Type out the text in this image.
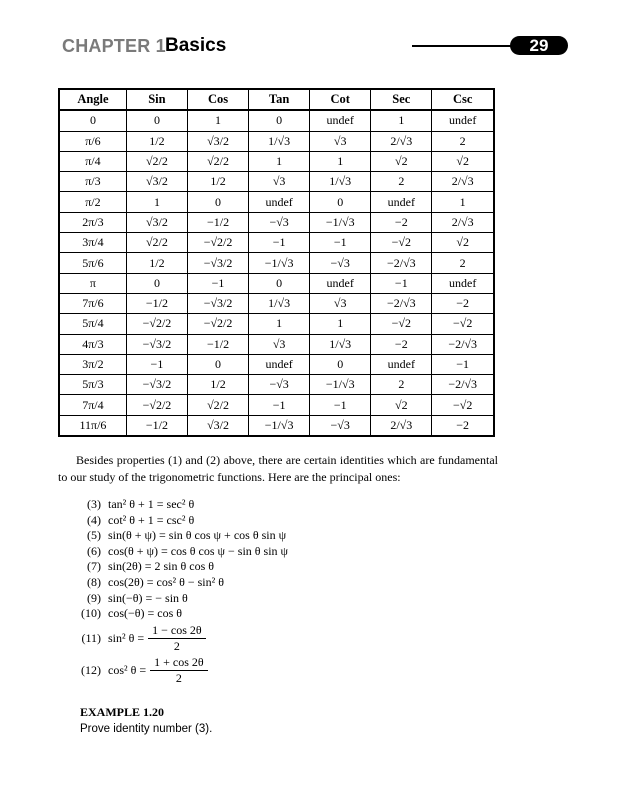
CHAPTER 1 Basics	29
Angle	Sin	Cos	Tan	Cot	Sec	Csc
0	0	1	0	undef	1	undef
π/6	1/2	√3/2	1/√3	√3	2/√3	2
π/4	√2/2	√2/2	1	1	√2	√2
π/3	√3/2	1/2	√3	1/√3	2	2/√3
π/2	1	0	undef	0	undef	1
2π/3	√3/2	−1/2	−√3	−1/√3	−2	2/√3
3π/4	√2/2	−√2/2	−1	−1	−√2	√2
5π/6	1/2	−√3/2	−1/√3	−√3	−2/√3	2
π	0	−1	0	undef	−1	undef
7π/6	−1/2	−√3/2	1/√3	√3	−2/√3	−2
5π/4	−√2/2	−√2/2	1	1	−√2	−√2
4π/3	−√3/2	−1/2	√3	1/√3	−2	−2/√3
3π/2	−1	0	undef	0	undef	−1
5π/3	−√3/2	1/2	−√3	−1/√3	2	−2/√3
7π/4	−√2/2	√2/2	−1	−1	√2	−√2
11π/6	−1/2	√3/2	−1/√3	−√3	2/√3	−2
Besides properties (1) and (2) above, there are certain identities which are fundamental to our study of the trigonometric functions. Here are the principal ones:
(3) tan² θ + 1 = sec² θ
(4) cot² θ + 1 = csc² θ
(5) sin(θ + ψ) = sin θ cos ψ + cos θ sin ψ
(6) cos(θ + ψ) = cos θ cos ψ − sin θ sin ψ
(7) sin(2θ) = 2 sin θ cos θ
(8) cos(2θ) = cos² θ − sin² θ
(9) sin(−θ) = − sin θ
(10) cos(−θ) = cos θ
(11) sin² $\theta = \frac{1 - \cos 2\theta}{2}$
(12) cos² $\theta = \frac{1 + \cos 2\theta}{2}$
EXAMPLE 1.20
Prove identity number (3).
